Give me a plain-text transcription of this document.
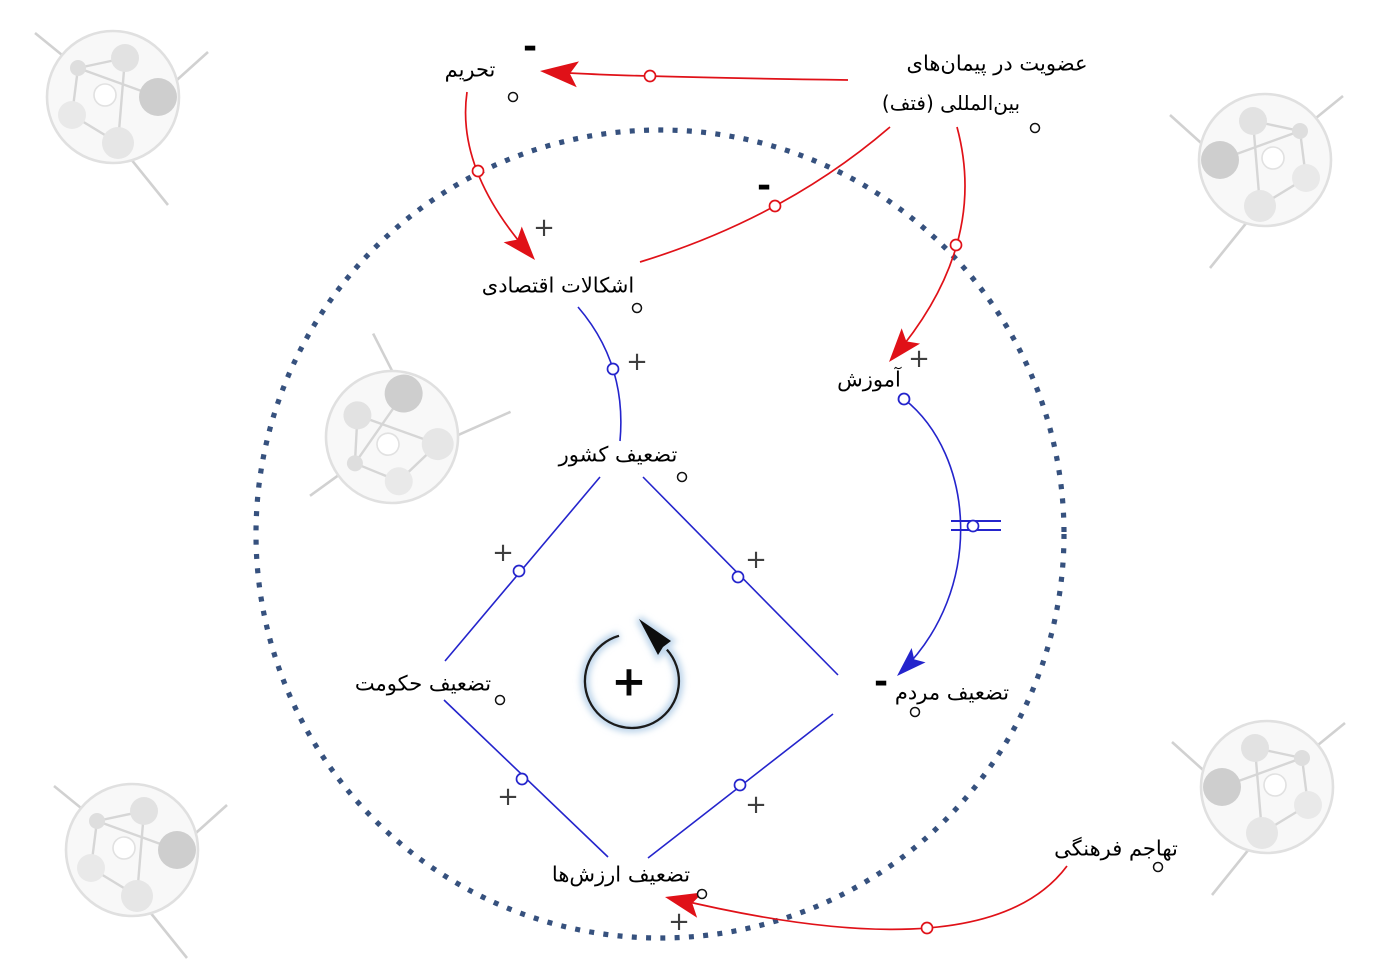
-
+
-
+
+
+
+
+
+
+
-
+
تحریم	عضویت در پیمان‌های
بین‌المللی (فتف)
اشکالات اقتصادی
آموزش
تضعیف کشور
تضعیف حکومت	تضعیف مردم
تضعیف ارزش‌ها
تهاجم فرهنگی
